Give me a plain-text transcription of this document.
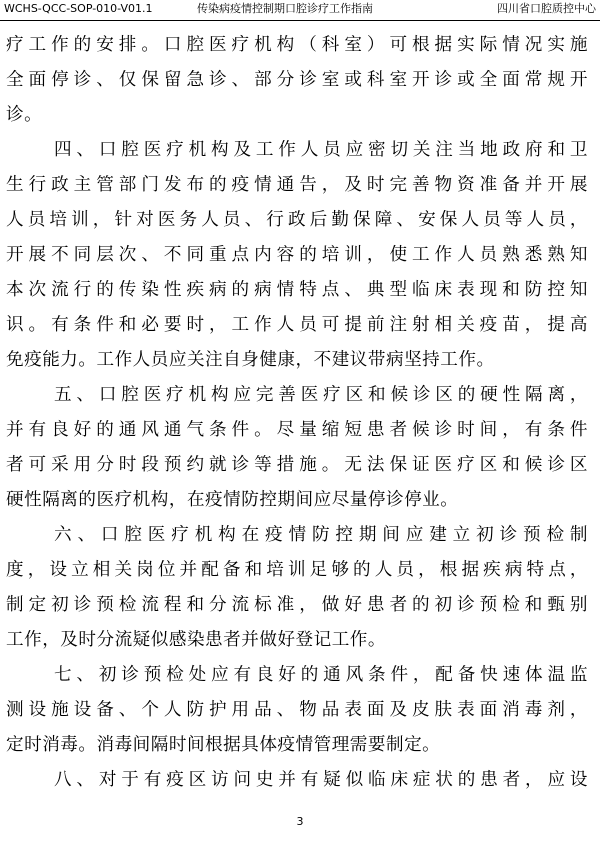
WCHS-QCC-SOP-010-V01.1	传染病疫情控制期口腔诊疗工作指南	四川省口腔质控中心
疗工作的安排。口腔医疗机构（科室）可根据实际情况实施
全面停诊、仅保留急诊、部分诊室或科室开诊或全面常规开
诊。
四、口腔医疗机构及工作人员应密切关注当地政府和卫
生行政主管部门发布的疫情通告，及时完善物资准备并开展
人员培训，针对医务人员、行政后勤保障、安保人员等人员，
开展不同层次、不同重点内容的培训，使工作人员熟悉熟知
本次流行的传染性疾病的病情特点、典型临床表现和防控知
识。有条件和必要时，工作人员可提前注射相关疫苗，提高
免疫能力。工作人员应关注自身健康，不建议带病坚持工作。
五、口腔医疗机构应完善医疗区和候诊区的硬性隔离，
并有良好的通风通气条件。尽量缩短患者候诊时间，有条件
者可采用分时段预约就诊等措施。无法保证医疗区和候诊区
硬性隔离的医疗机构，在疫情防控期间应尽量停诊停业。
六、口腔医疗机构在疫情防控期间应建立初诊预检制
度，设立相关岗位并配备和培训足够的人员，根据疾病特点，
制定初诊预检流程和分流标准，做好患者的初诊预检和甄别
工作，及时分流疑似感染患者并做好登记工作。
七、初诊预检处应有良好的通风条件，配备快速体温监
测设施设备、个人防护用品、物品表面及皮肤表面消毒剂，
定时消毒。消毒间隔时间根据具体疫情管理需要制定。
八、对于有疫区访问史并有疑似临床症状的患者，应设
3
